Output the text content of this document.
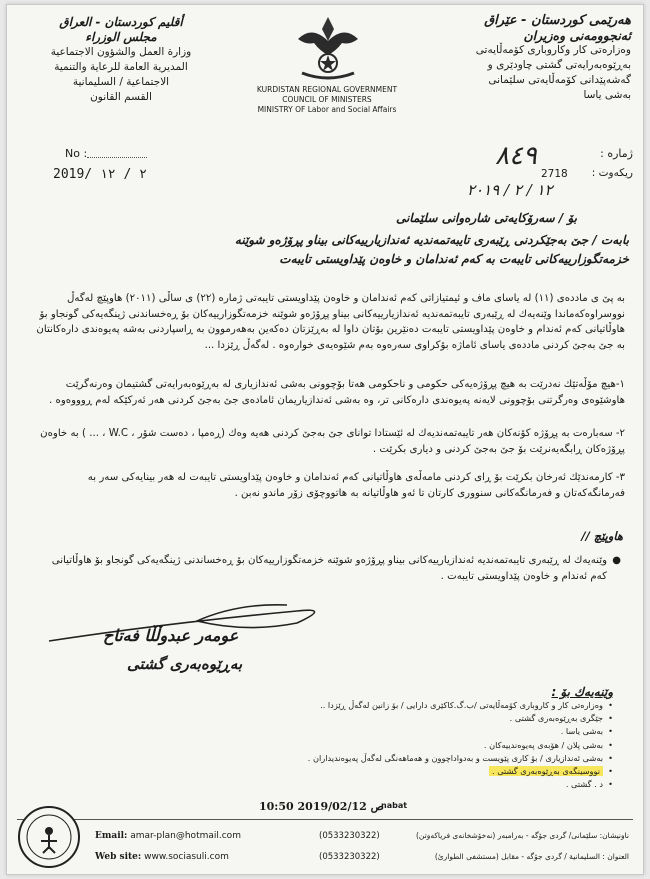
أقليم كوردستان - العراق
مجلس الوزراء
وزارة العمل والشؤون الاجتماعية
المديرية العامة للرعاية والتنمية
الاجتماعية / السليمانية
القسم القانون
KURDISTAN REGIONAL GOVERNMENT
COUNCIL OF MINISTERS
MINISTRY OF Labor and Social Affairs
هەرێمی کوردستان - عێراق
ئەنجوومەنی وەزیران
وەزارەتی كار وكاروباری كۆمەڵایەتی
بەڕێوەبەرایەتی گشتی چاودێری و
گەشەپێدانی كۆمەڵایەتی سلێمانی
بەشی یاسا
No :
2019/ ٢ / ١٢
ژمارە :
٨٤٩
ریكەوت :
2718
١٢ / ٢ / ٢٠١٩
بۆ / سەرۆكایەتی شارەوانی سلێمانی
بابەت / جێ بەجێكردنی ڕێبەری تایبەتمەندیە ئەندازیارییەكانی بیناو پڕۆژەو شوێنە
خزمەتگوزارییەكانی تایبەت بە كەم ئەندامان و خاوەن پێداویستی تایبەت
بە پێ ی ماددەی (١١) لە یاسای ماف و ئیمتیازاتی كەم ئەندامان و خاوەن پێداویستی تایبەتی ژمارە (٢٢) ی ساڵی (٢٠١١) هاوپێچ لەگەڵ نووسراوەكەماندا وێنەیەك لە ڕێبەری تایبەتمەندیە ئەندازیارییەكانی بیناو پڕۆژەو شوێنە خزمەتگوزارییەكان بۆ ڕەخساندنی ژینگەیەكی گونجاو بۆ هاوڵاتیانی كەم ئەندام و خاوەن پێداویستی تایبەت دەنێرین بۆتان داوا لە بەڕێزتان دەكەین بەهەرموون بە ڕاسپاردنی بەشە پەیوەندی دارەكانتان بە جێ بەجێ كردنی ماددەی یاسای ئاماژە بۆكراوی سەرەوە بەم شێوەیەی خوارەوە . لەگەڵ ڕێزدا ...
١-هیچ مۆڵەتێك نەدرێت بە هیچ پڕۆژەیەكی حكومی و ناحكومی هەتا بۆچوونی بەشی ئەندازیاری لە بەڕێوەبەرایەتی گشتیمان وەرنەگرێت هاوشێوەی وەرگرتنی بۆچوونی لایەنە پەیوەندی دارەكانی تر، وە بەشی ئەندازیاریمان ئامادەی جێ بەجێ كردنی هەر ئەركێكە لەم ڕوووەوە .
٢- سەبارەت بە پڕۆژە كۆنەكان هەر تایبەتمەندیەك لە ئێستادا تواناى جێ بەجێ كردنی هەیە وەك (ڕەمپا ، دەست شۆر ، W.C ، ... ) بە خاوەن پڕۆژەكان ڕابگەیەنرێت بۆ جێ بەجێ كردنی و دیاری بكرێت .
٣- كارمەندێك ئەرخان بكرێت بۆ ڕای كردنی مامەڵەی هاوڵاتیانی كەم ئەندامان و خاوەن پێداویستی تایبەت لە هەر بینایەكی سەر بە فەرمانگەكەتان و فەرمانگەكانی سنووری كارتان تا ئەو هاوڵاتیانە بە هاتووچۆی زۆر ماندو نەبن .
هاوپێچ //
●
وێنەیەك لە ڕێبەری تایبەتمەندیە ئەندازیارییەكانی بیناو پڕۆژەو شوێنە خزمەتگوزارییەكان بۆ ڕەخساندنی ژینگەیەكی گونجاو بۆ هاوڵاتیانی كەم ئەندام و خاوەن پێداویستی تایبەت .
عومەر عبدوڵڵا فەتاح
بەڕێوەبەری گشتی
وێنەیەك بۆ :
• وەزارەتی كار و كاروباری كۆمەڵایەتی /ب.گ.كاكێری دارایی / بۆ زانین لەگەڵ ڕێزدا ..
• جێگری بەڕێوەبەری گشتی .
• بەشی یاسا .
• بەشی پلان / هۆبەی پەیوەندییەكان .
• بەشی ئەندازیاری / بۆ كاری پێویست و بەدواداچوون و هەماهەنگی لەگەڵ پەیوەندیداران .
• نووسینگەی بەڕێوەبەری گشتی .
• د . گشتی .
10:50 2019/02/12 ص
nabat
Email: amar-plan@hotmail.com
Web site: www.sociasuli.com
(0533230322)
(0533230322)
ناونیشان: سلێمانی/ گردی جۆگە - بەرامبەر (نەخۆشخانەی فریاكەوتن)
العنوان : السليمانية / گردی جۆگە - مقابل (مستشفى الطوارئ)
